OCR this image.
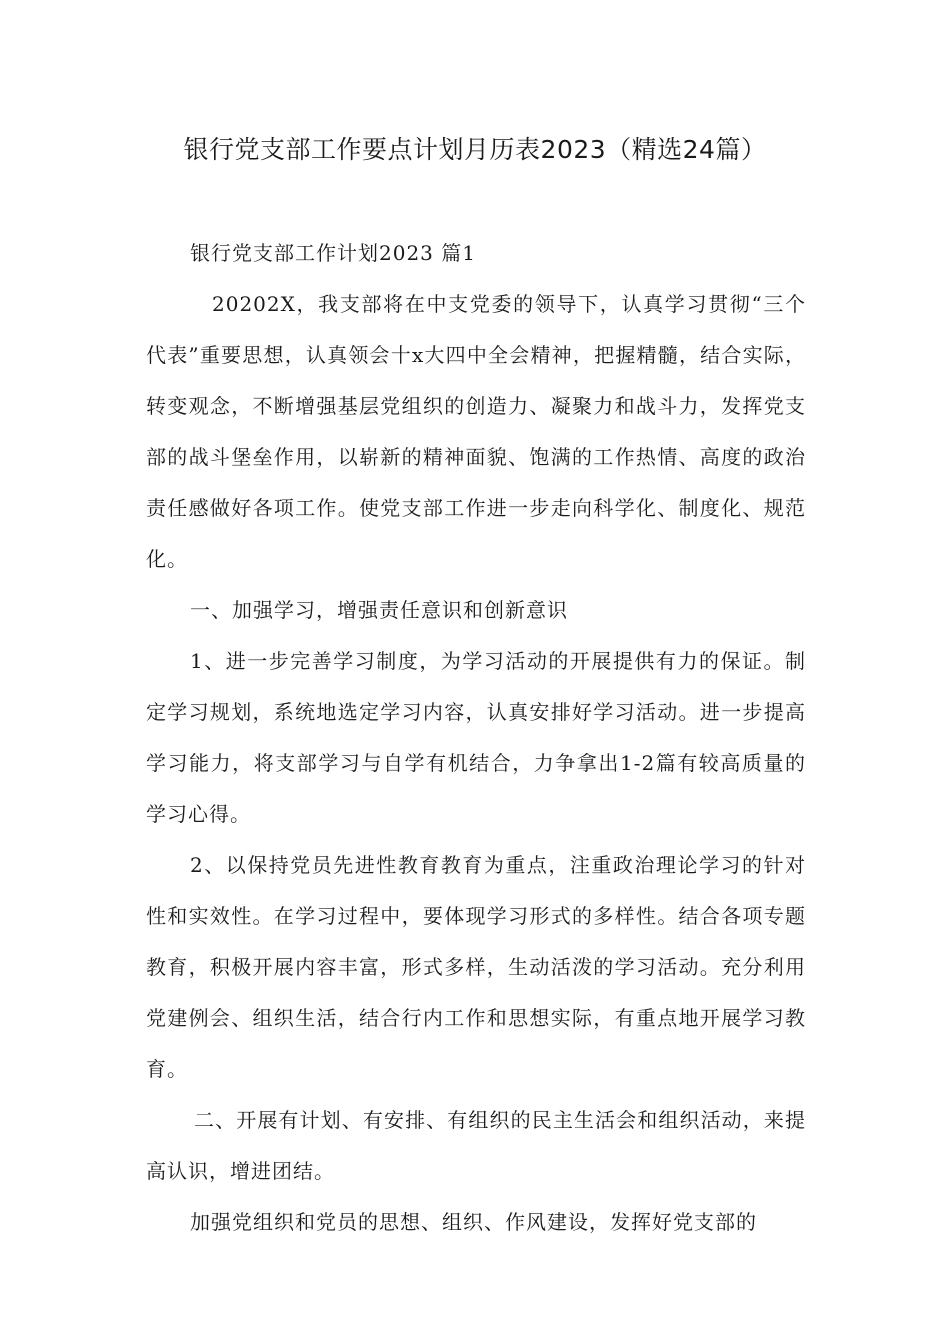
银行党支部工作要点计划月历表2023（精选24篇）

银行党支部工作计划2023 篇1

20202X，我支部将在中支党委的领导下，认真学习贯彻“三个代表”重要思想，认真领会十x大四中全会精神，把握精髓，结合实际，转变观念，不断增强基层党组织的创造力、凝聚力和战斗力，发挥党支部的战斗堡垒作用，以崭新的精神面貌、饱满的工作热情、高度的政治责任感做好各项工作。使党支部工作进一步走向科学化、制度化、规范化。

一、加强学习，增强责任意识和创新意识

1、进一步完善学习制度，为学习活动的开展提供有力的保证。制定学习规划，系统地选定学习内容，认真安排好学习活动。进一步提高学习能力，将支部学习与自学有机结合，力争拿出1-2篇有较高质量的学习心得。

2、以保持党员先进性教育教育为重点，注重政治理论学习的针对性和实效性。在学习过程中，要体现学习形式的多样性。结合各项专题教育，积极开展内容丰富，形式多样，生动活泼的学习活动。充分利用党建例会、组织生活，结合行内工作和思想实际，有重点地开展学习教育。

二、开展有计划、有安排、有组织的民主生活会和组织活动，来提高认识，增进团结。

加强党组织和党员的思想、组织、作风建设，发挥好党支部的
